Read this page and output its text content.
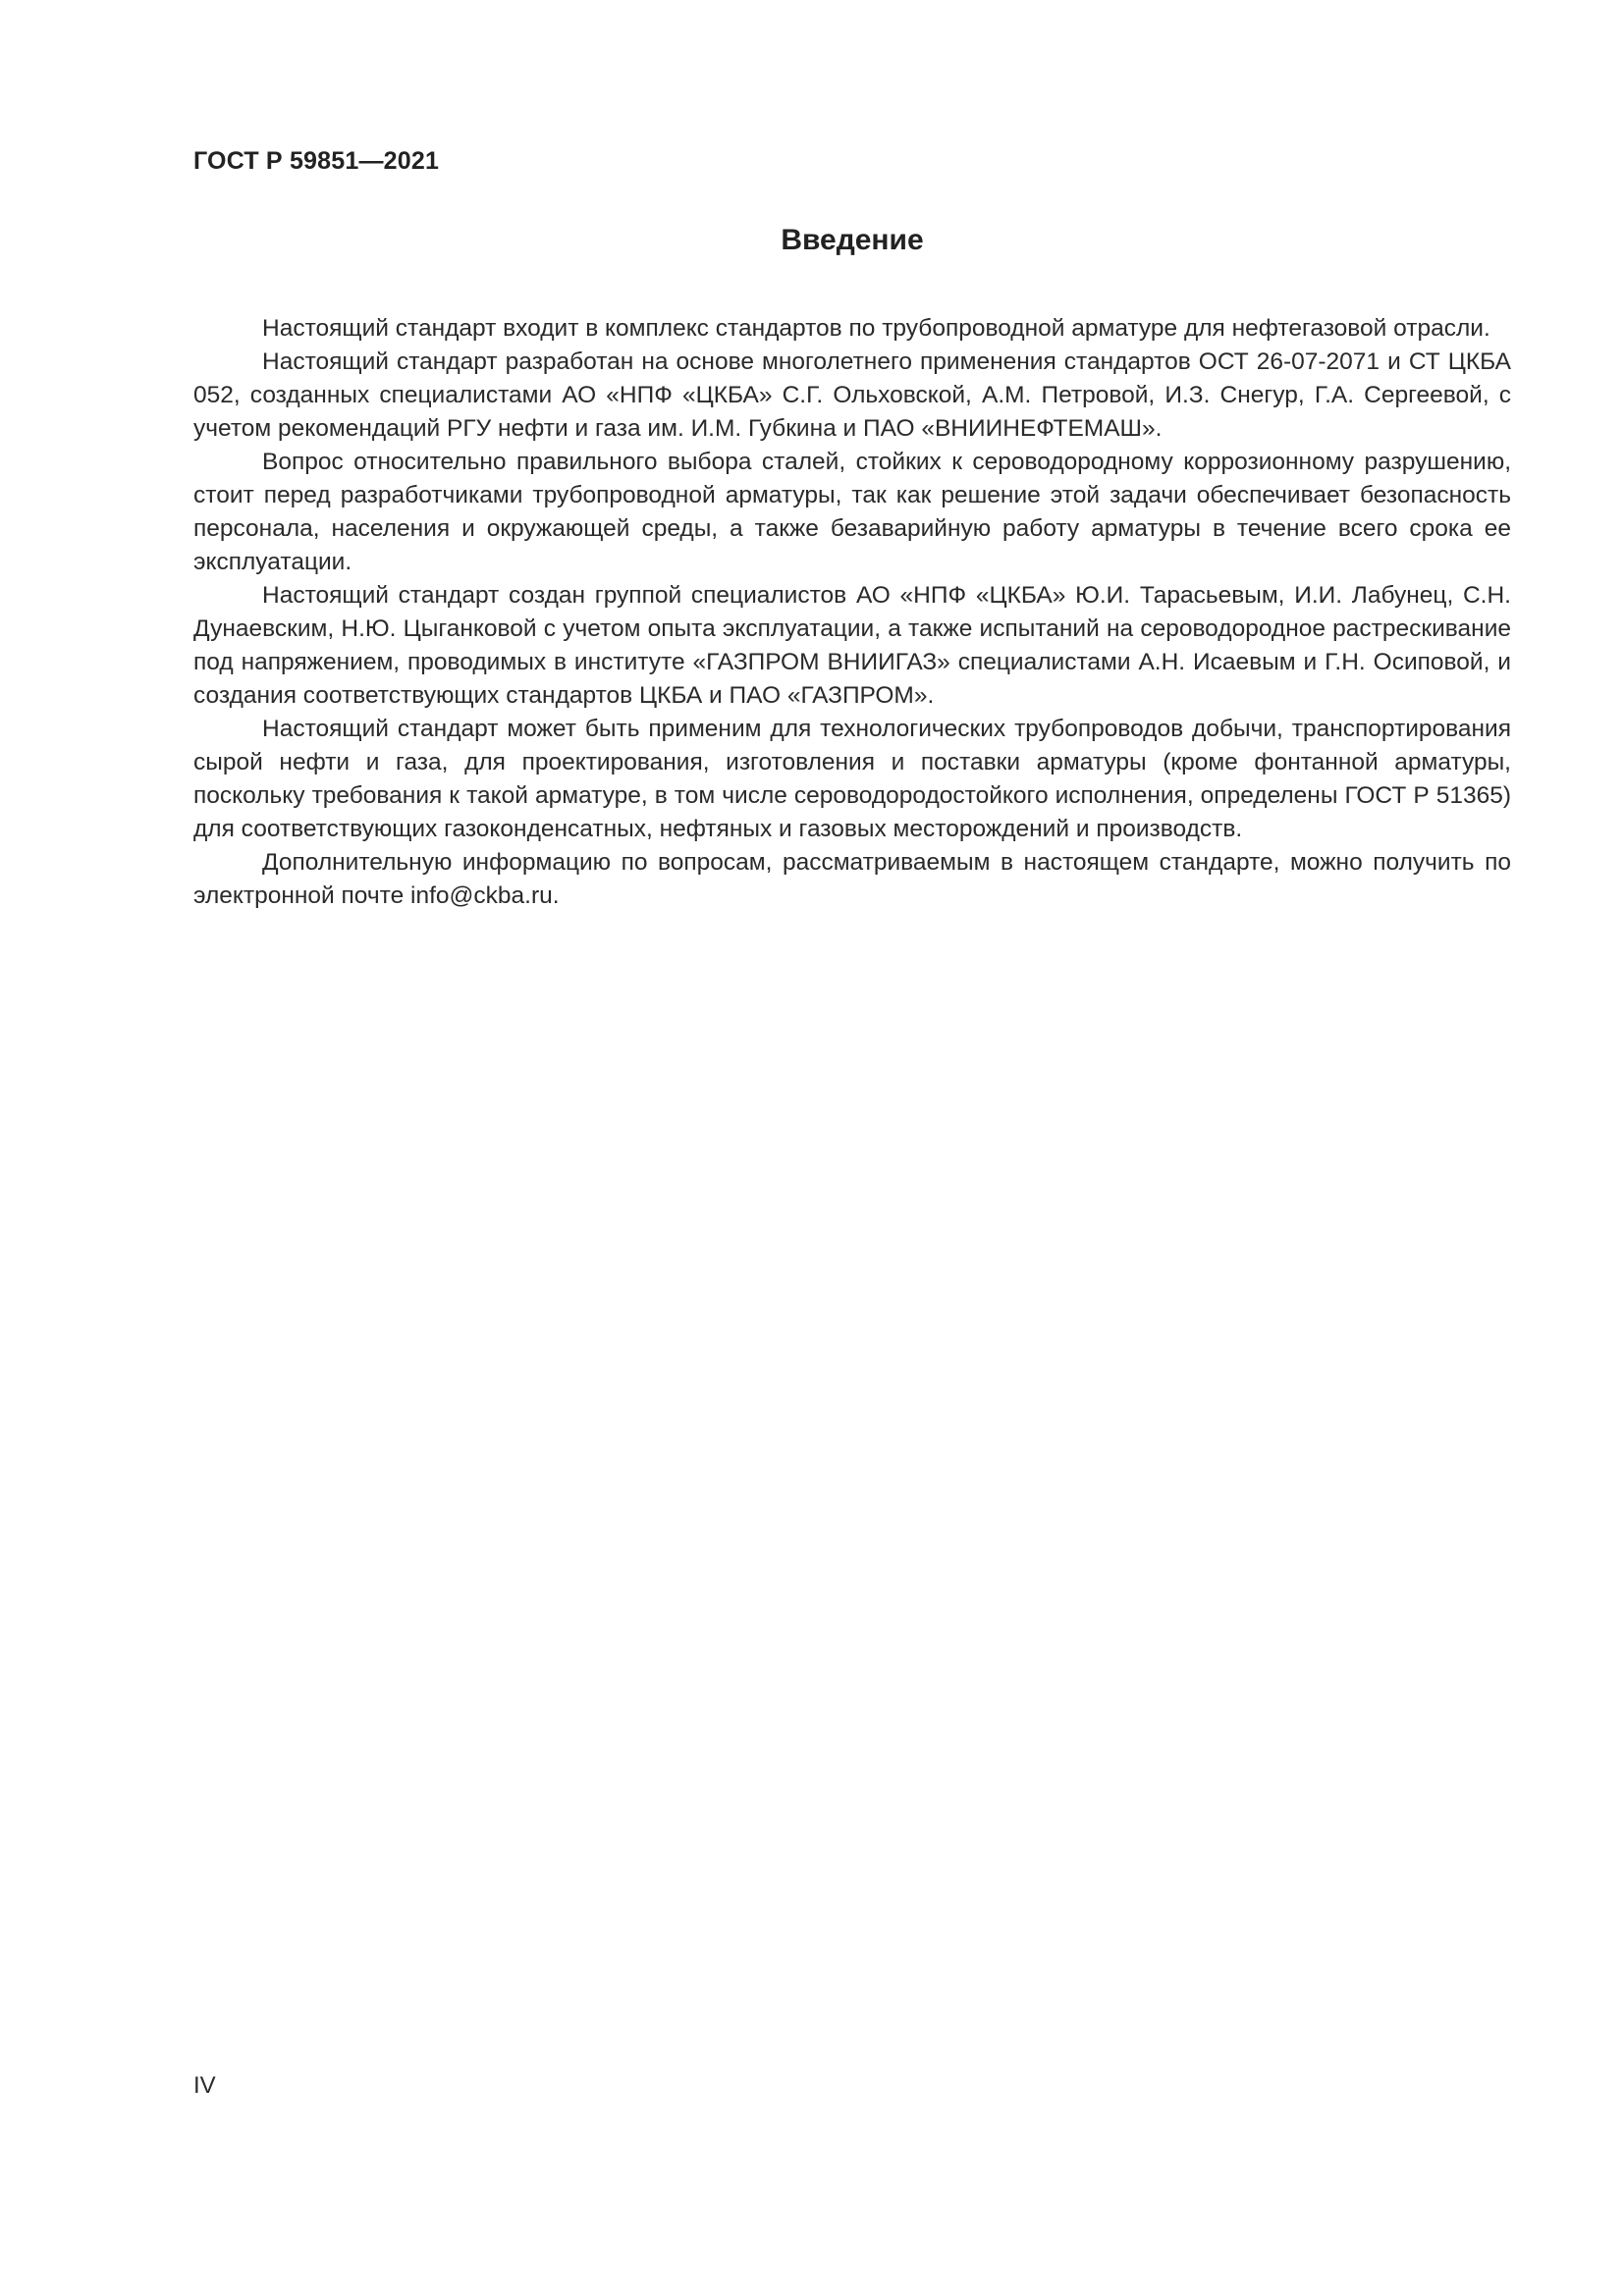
ГОСТ Р 59851—2021
Введение

Настоящий стандарт входит в комплекс стандартов по трубопроводной арматуре для нефтегазовой отрасли.

Настоящий стандарт разработан на основе многолетнего применения стандартов ОСТ 26-07-2071 и СТ ЦКБА 052, созданных специалистами АО «НПФ «ЦКБА» С.Г. Ольховской, А.М. Петровой, И.З. Снегур, Г.А. Сергеевой, с учетом рекомендаций РГУ нефти и газа им. И.М. Губкина и ПАО «ВНИИНЕФТЕМАШ».

Вопрос относительно правильного выбора сталей, стойких к сероводородному коррозионному разрушению, стоит перед разработчиками трубопроводной арматуры, так как решение этой задачи обеспечивает безопасность персонала, населения и окружающей среды, а также безаварийную работу арматуры в течение всего срока ее эксплуатации.

Настоящий стандарт создан группой специалистов АО «НПФ «ЦКБА» Ю.И. Тарасьевым, И.И. Лабунец, С.Н. Дунаевским, Н.Ю. Цыганковой с учетом опыта эксплуатации, а также испытаний на сероводородное растрескивание под напряжением, проводимых в институте «ГАЗПРОМ ВНИИГАЗ» специалистами А.Н. Исаевым и Г.Н. Осиповой, и создания соответствующих стандартов ЦКБА и ПАО «ГАЗПРОМ».

Настоящий стандарт может быть применим для технологических трубопроводов добычи, транспортирования сырой нефти и газа, для проектирования, изготовления и поставки арматуры (кроме фонтанной арматуры, поскольку требования к такой арматуре, в том числе сероводородостойкого исполнения, определены ГОСТ Р 51365) для соответствующих газоконденсатных, нефтяных и газовых месторождений и производств.

Дополнительную информацию по вопросам, рассматриваемым в настоящем стандарте, можно получить по электронной почте info@ckba.ru.

IV
